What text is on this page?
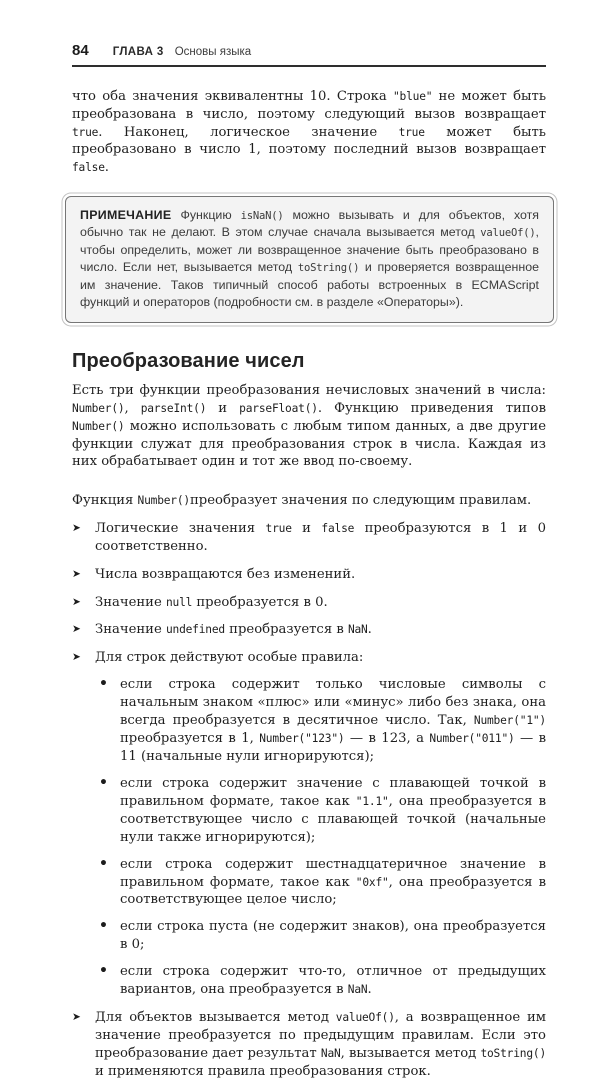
84 ГЛАВА 3 Основы языка

что оба значения эквивалентны 10. Строка "blue" не может быть преобразована в число, поэтому следующий вызов возвращает true. Наконец, логическое значение true может быть преобразовано в число 1, поэтому последний вызов возвращает false.

ПРИМЕЧАНИЕ Функцию isNaN() можно вызывать и для объектов, хотя обычно так не делают. В этом случае сначала вызывается метод valueOf(), чтобы определить, может ли возвращенное значение быть преобразовано в число. Если нет, вызывается метод toString() и проверяется возвращенное им значение. Таков типичный способ работы встроенных в ECMAScript функций и операторов (подробности см. в разделе «Операторы»).

Преобразование чисел

Есть три функции преобразования нечисловых значений в числа: Number(), parseInt() и parseFloat(). Функцию приведения типов Number() можно использовать с любым типом данных, а две другие функции служат для преобразования строк в числа. Каждая из них обрабатывает один и тот же ввод по-своему.

Функция Number()преобразует значения по следующим правилам.

➤ Логические значения true и false преобразуются в 1 и 0 соответственно.
➤ Числа возвращаются без изменений.
➤ Значение null преобразуется в 0.
➤ Значение undefined преобразуется в NaN.
➤ Для строк действуют особые правила:
• если строка содержит только числовые символы с начальным знаком «плюс» или «минус» либо без знака, она всегда преобразуется в десятичное число. Так, Number("1") преобразуется в 1, Number("123") — в 123, а Number("011") — в 11 (начальные нули игнорируются);
• если строка содержит значение с плавающей точкой в правильном формате, такое как "1.1", она преобразуется в соответствующее число с плавающей точкой (начальные нули также игнорируются);
• если строка содержит шестнадцатеричное значение в правильном формате, такое как "0xf", она преобразуется в соответствующее целое число;
• если строка пуста (не содержит знаков), она преобразуется в 0;
• если строка содержит что-то, отличное от предыдущих вариантов, она преобразуется в NaN.
➤ Для объектов вызывается метод valueOf(), а возвращенное им значение преобразуется по предыдущим правилам. Если это преобразование дает результат NaN, вызывается метод toString() и применяются правила преобразования строк.
